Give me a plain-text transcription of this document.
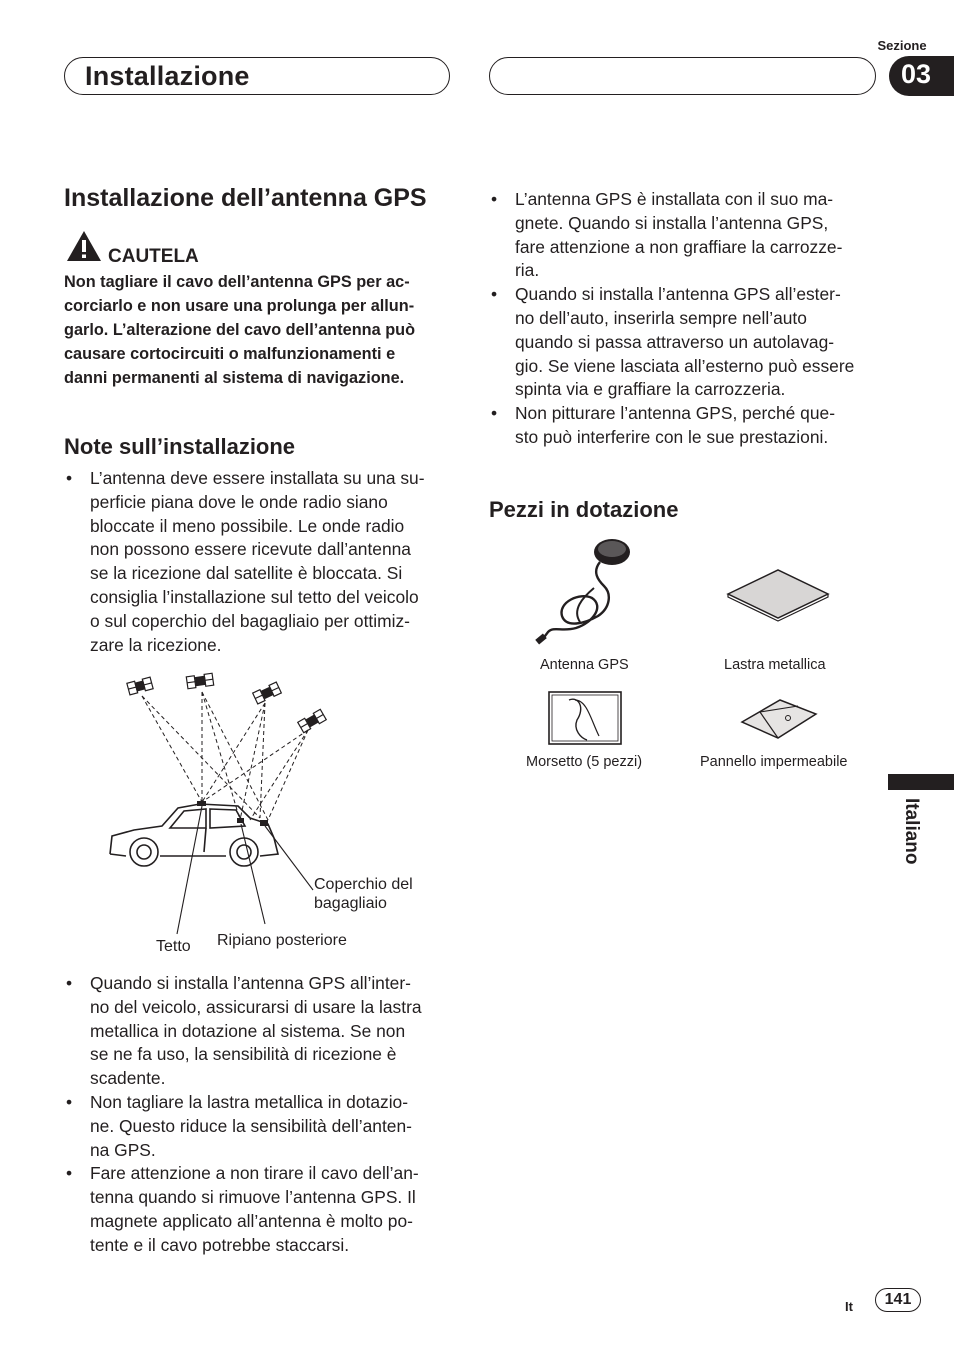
Sezione
Installazione	03
Installazione dell’antenna GPS
CAUTELA
Non tagliare il cavo dell’antenna GPS per ac-
corciarlo e non usare una prolunga per allun-
garlo. L’alterazione del cavo dell’antenna può
causare cortocircuiti o malfunzionamenti e
danni permanenti al sistema di navigazione.
Note sull’installazione
• L’antenna deve essere installata su una su-
perficie piana dove le onde radio siano
bloccate il meno possibile. Le onde radio
non possono essere ricevute dall’antenna
se la ricezione dal satellite è bloccata. Si
consiglia l’installazione sul tetto del veicolo
o sul coperchio del bagagliaio per ottimiz-
zare la ricezione.
Coperchio del
bagagliaio
Tetto Ripiano posteriore
• Quando si installa l’antenna GPS all’inter-
no del veicolo, assicurarsi di usare la lastra
metallica in dotazione al sistema. Se non
se ne fa uso, la sensibilità di ricezione è
scadente.
• Non tagliare la lastra metallica in dotazio-
ne. Questo riduce la sensibilità dell’anten-
na GPS.
• Fare attenzione a non tirare il cavo dell’an-
tenna quando si rimuove l’antenna GPS. Il
magnete applicato all’antenna è molto po-
tente e il cavo potrebbe staccarsi.
• L’antenna GPS è installata con il suo ma-
gnete. Quando si installa l’antenna GPS,
fare attenzione a non graffiare la carrozze-
ria.
• Quando si installa l’antenna GPS all’ester-
no dell’auto, inserirla sempre nell’auto
quando si passa attraverso un autolavag-
gio. Se viene lasciata all’esterno può essere
spinta via e graffiare la carrozzeria.
• Non pitturare l’antenna GPS, perché que-
sto può interferire con le sue prestazioni.
Pezzi in dotazione
Antenna GPS	Lastra metallica
Morsetto (5 pezzi)	Pannello impermeabile
Italiano
It	141
